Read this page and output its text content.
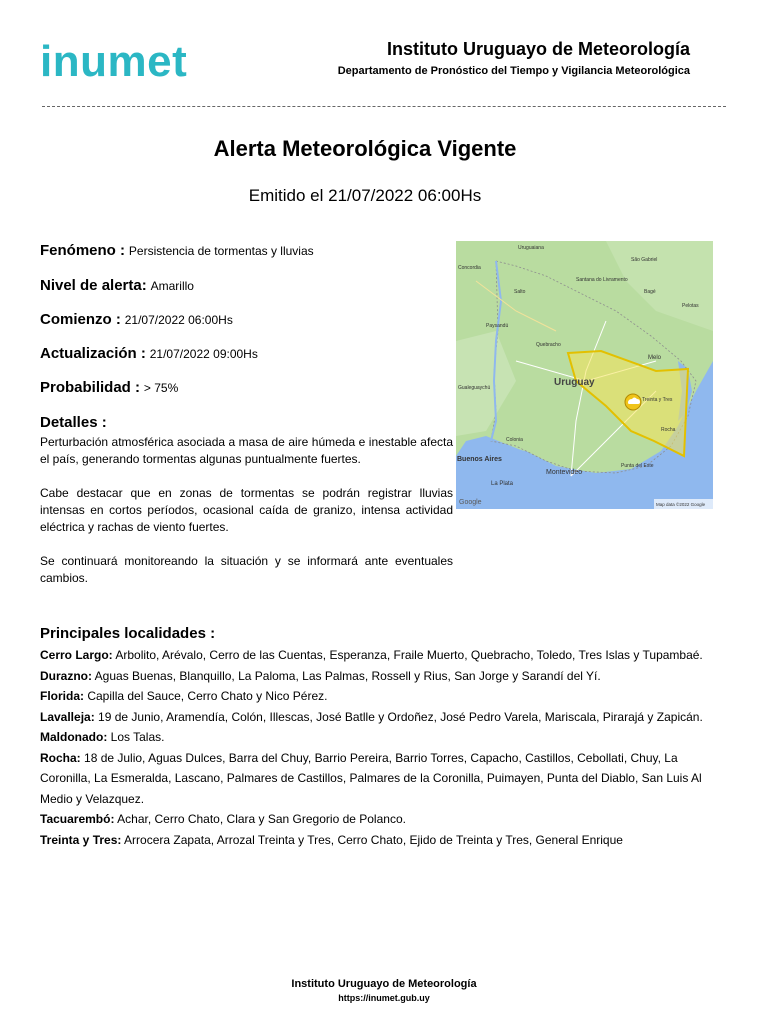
inumet	Instituto Uruguayo de Meteorología
Departamento de Pronóstico del Tiempo y Vigilancia Meteorológica
Alerta Meteorológica Vigente
Emitido el 21/07/2022 06:00Hs
Fenómeno : Persistencia de tormentas y lluvias
Nivel de alerta: Amarillo
Comienzo : 21/07/2022 06:00Hs
Actualización : 21/07/2022 09:00Hs
Probabilidad : > 75%
Detalles :

Perturbación atmosférica asociada a masa de aire húmeda e inestable afecta el país, generando tormentas algunas puntualmente fuertes.

Cabe destacar que en zonas de tormentas se podrán registrar lluvias intensas en cortos períodos, ocasional caída de granizo, intensa actividad eléctrica y rachas de viento fuertes.

Se continuará monitoreando la situación y se informará ante eventuales cambios.

Uruguay
Montevideo
Buenos Aires
La Plata
Melo
Concordia
Salto
Paysandú
Santana do Livramento
Bagé
Pelotas
Treinta y Tres
Rocha
Punta del Este
Gualeguaychú
Colonia
São Gabriel
Uruguaiana
Quebracho
Google	Map data ©2022 Google
Principales localidades :
Cerro Largo: Arbolito, Arévalo, Cerro de las Cuentas, Esperanza, Fraile Muerto, Quebracho, Toledo, Tres Islas y Tupambaé.
Durazno: Aguas Buenas, Blanquillo, La Paloma, Las Palmas, Rossell y Rius, San Jorge y Sarandí del Yí.
Florida: Capilla del Sauce, Cerro Chato y Nico Pérez.
Lavalleja: 19 de Junio, Aramendía, Colón, Illescas, José Batlle y Ordoñez, José Pedro Varela, Mariscala, Pirarajá y Zapicán.
Maldonado: Los Talas.
Rocha: 18 de Julio, Aguas Dulces, Barra del Chuy, Barrio Pereira, Barrio Torres, Capacho, Castillos, Cebollati, Chuy, La Coronilla, La Esmeralda, Lascano, Palmares de Castillos, Palmares de la Coronilla, Puimayen, Punta del Diablo, San Luis Al Medio y Velazquez.
Tacuarembó: Achar, Cerro Chato, Clara y San Gregorio de Polanco.
Treinta y Tres: Arrocera Zapata, Arrozal Treinta y Tres, Cerro Chato, Ejido de Treinta y Tres, General Enrique
Instituto Uruguayo de Meteorología
https://inumet.gub.uy
